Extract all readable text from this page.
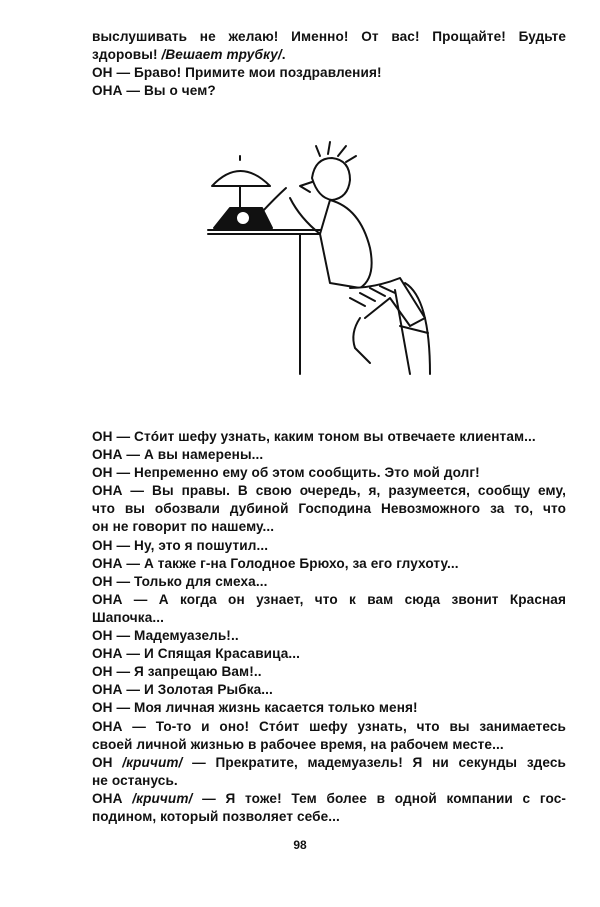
выслушивать не желаю! Именно! От вас! Прощайте! Будьте
здоровы! /Вешает трубку/.
ОН — Браво! Примите мои поздравления!
ОНА — Вы о чем?
ОН — Стóит шефу узнать, каким тоном вы отвечаете клиентам...
ОНА — А вы намерены...
ОН — Непременно ему об этом сообщить. Это мой долг!
ОНА — Вы правы. В свою очередь, я, разумеется, сообщу ему,
что вы обозвали дубиной Господина Невозможного за то, что
он не говорит по нашему...
ОН — Ну, это я пошутил...
ОНА — А также г-на Голодное Брюхо, за его глухоту...
ОН — Только для смеха...
ОНА — А когда он узнает, что к вам сюда звонит Красная
Шапочка...
ОН — Мадемуазель!..
ОНА — И Спящая Красавица...
ОН — Я запрещаю Вам!..
ОНА — И Золотая Рыбка...
ОН — Моя личная жизнь касается только меня!
ОНА — То-то и оно! Стóит шефу узнать, что вы занимаетесь
своей личной жизнью в рабочее время, на рабочем месте...
ОН /кричит/ — Прекратите, мадемуазель! Я ни секунды здесь
не останусь.
ОНА /кричит/ — Я тоже! Тем более в одной компании с гос-
подином, который позволяет себе...
98
